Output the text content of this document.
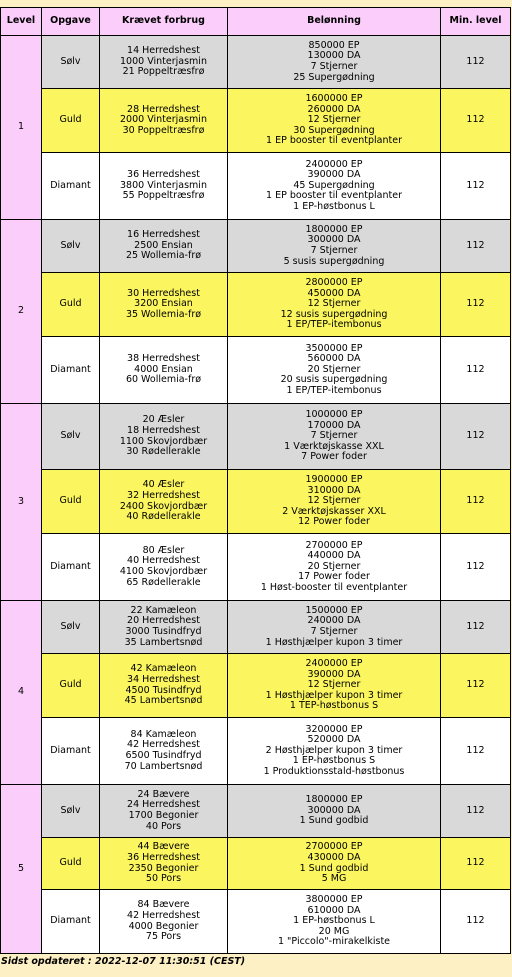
Level	Opgave	Krævet forbrug	Belønning	Min. level
1	Sølv	14 Herredshest
1000 Vinterjasmin
21 Poppeltræsfrø	850000 EP
130000 DA
7 Stjerner
25 Supergødning	112
	Guld	28 Herredshest
2000 Vinterjasmin
30 Poppeltræsfrø	1600000 EP
260000 DA
12 Stjerner
30 Supergødning
1 EP booster til eventplanter	112
	Diamant	36 Herredshest
3800 Vinterjasmin
55 Poppeltræsfrø	2400000 EP
390000 DA
45 Supergødning
1 EP booster til eventplanter
1 EP-høstbonus L	112
2	Sølv	16 Herredshest
2500 Ensian
25 Wollemia-frø	1800000 EP
300000 DA
7 Stjerner
5 susis supergødning	112
	Guld	30 Herredshest
3200 Ensian
35 Wollemia-frø	2800000 EP
450000 DA
12 Stjerner
12 susis supergødning
1 EP/TEP-itembonus	112
	Diamant	38 Herredshest
4000 Ensian
60 Wollemia-frø	3500000 EP
560000 DA
20 Stjerner
20 susis supergødning
1 EP/TEP-itembonus	112
3	Sølv	20 Æsler
18 Herredshest
1100 Skovjordbær
30 Rødellerakle	1000000 EP
170000 DA
7 Stjerner
1 Værktøjskasse XXL
7 Power foder	112
	Guld	40 Æsler
32 Herredshest
2400 Skovjordbær
40 Rødellerakle	1900000 EP
310000 DA
12 Stjerner
2 Værktøjskasser XXL
12 Power foder	112
	Diamant	80 Æsler
40 Herredshest
4100 Skovjordbær
65 Rødellerakle	2700000 EP
440000 DA
20 Stjerner
17 Power foder
1 Høst-booster til eventplanter	112
4	Sølv	22 Kamæleon
20 Herredshest
3000 Tusindfryd
35 Lambertsnød	1500000 EP
240000 DA
7 Stjerner
1 Høsthjælper kupon 3 timer	112
	Guld	42 Kamæleon
34 Herredshest
4500 Tusindfryd
45 Lambertsnød	2400000 EP
390000 DA
12 Stjerner
1 Høsthjælper kupon 3 timer
1 TEP-høstbonus S	112
	Diamant	84 Kamæleon
42 Herredshest
6500 Tusindfryd
70 Lambertsnød	3200000 EP
520000 DA
2 Høsthjælper kupon 3 timer
1 EP-høstbonus S
1 Produktionsstald-høstbonus	112
5	Sølv	24 Bævere
24 Herredshest
1700 Begonier
40 Pors	1800000 EP
300000 DA
1 Sund godbid	112
	Guld	44 Bævere
36 Herredshest
2350 Begonier
50 Pors	2700000 EP
430000 DA
1 Sund godbid
5 MG	112
	Diamant	84 Bævere
42 Herredshest
4000 Begonier
75 Pors	3800000 EP
610000 DA
1 EP-høstbonus L
20 MG
1 "Piccolo"-mirakelkiste	112
Sidst opdateret : 2022-12-07 11:30:51 (CEST)
